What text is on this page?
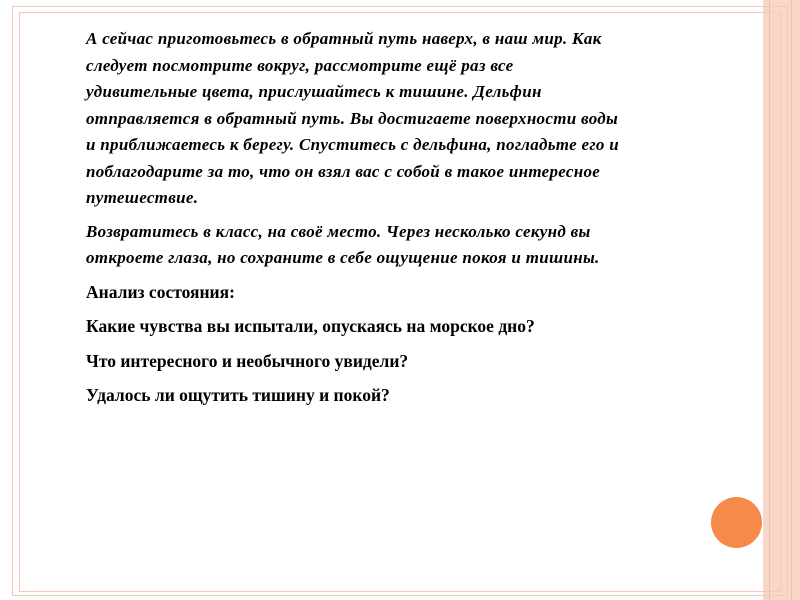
А сейчас приготовьтесь в обратный путь наверх, в наш мир. Как
следует посмотрите вокруг, рассмотрите ещё раз все
удивительные цвета, прислушайтесь к тишине. Дельфин
отправляется в обратный путь. Вы достигаете поверхности воды
и приближаетесь к берегу. Спуститесь с дельфина, погладьте его и
поблагодарите за то, что он взял вас с собой в такое интересное
путешествие.

Возвратитесь в класс, на своё место. Через несколько секунд вы
откроете глаза, но сохраните в себе ощущение покоя и тишины.

Анализ состояния:

Какие чувства вы испытали, опускаясь на морское дно?

Что интересного и необычного увидели?

Удалось ли ощутить тишину и покой?
